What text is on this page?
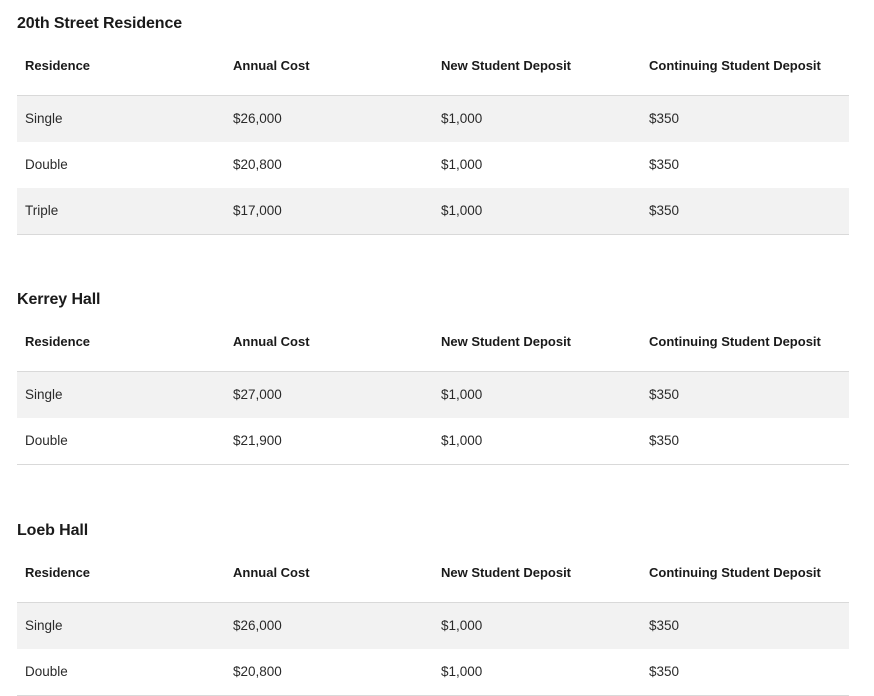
20th Street Residence
Residence	Annual Cost	New Student Deposit	Continuing Student Deposit
Single	$26,000	$1,000	$350
Double	$20,800	$1,000	$350
Triple	$17,000	$1,000	$350
Kerrey Hall
Residence	Annual Cost	New Student Deposit	Continuing Student Deposit
Single	$27,000	$1,000	$350
Double	$21,900	$1,000	$350
Loeb Hall
Residence	Annual Cost	New Student Deposit	Continuing Student Deposit
Single	$26,000	$1,000	$350
Double	$20,800	$1,000	$350
